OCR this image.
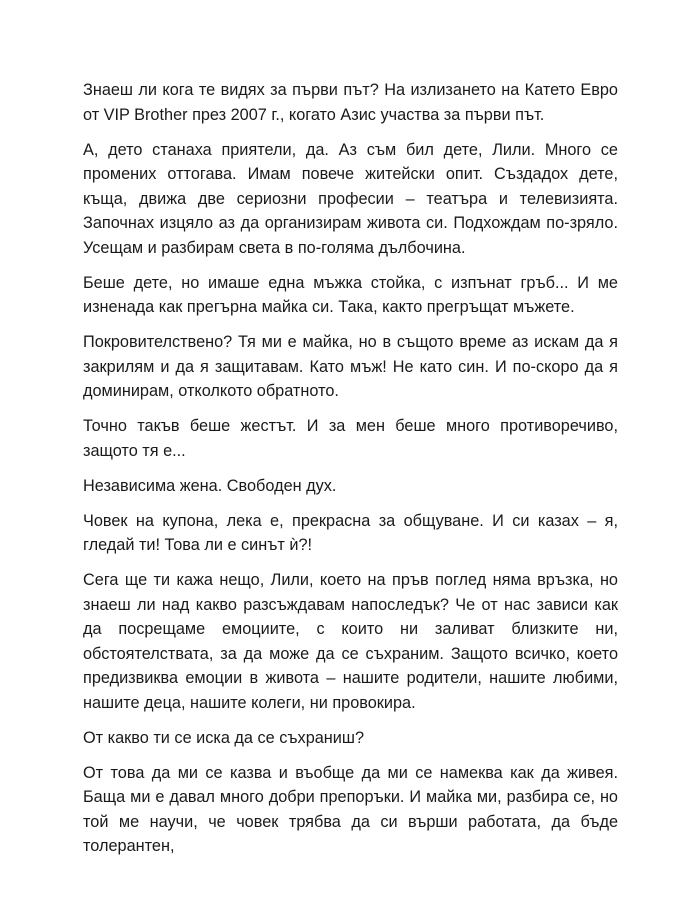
Знаеш ли кога те видях за първи път? На излизането на Катето Евро от VIP Brother през 2007 г., когато Азис участва за първи път.

А, дето станаха приятели, да. Аз съм бил дете, Лили. Много се промених оттогава. Имам повече житейски опит. Създадох дете, къща, движа две сериозни професии – театъра и телевизията. Започнах изцяло аз да организирам живота си. Подхождам по-зряло. Усещам и разбирам света в по-голяма дълбочина.

Беше дете, но имаше една мъжка стойка, с изпънат гръб... И ме изненада как прегърна майка си. Така, както прегръщат мъжете.

Покровителствено? Тя ми е майка, но в същото време аз искам да я закрилям и да я защитавам. Като мъж! Не като син. И по-скоро да я доминирам, отколкото обратното.

Точно такъв беше жестът. И за мен беше много противоречиво, защото тя е...

Независима жена. Свободен дух.

Човек на купона, лека е, прекрасна за общуване. И си казах – я, гледай ти! Това ли е синът ѝ?!

Сега ще ти кажа нещо, Лили, което на пръв поглед няма връзка, но знаеш ли над какво разсъждавам напоследък? Че от нас зависи как да посрещаме емоциите, с които ни заливат близките ни, обстоятелствата, за да може да се съхраним. Защото всичко, което предизвиква емоции в живота – нашите родители, нашите любими, нашите деца, нашите колеги, ни провокира.

От какво ти се иска да се съхраниш?

От това да ми се казва и въобще да ми се намеква как да живея. Баща ми е давал много добри препоръки. И майка ми, разбира се, но той ме научи, че човек трябва да си върши работата, да бъде толерантен,
